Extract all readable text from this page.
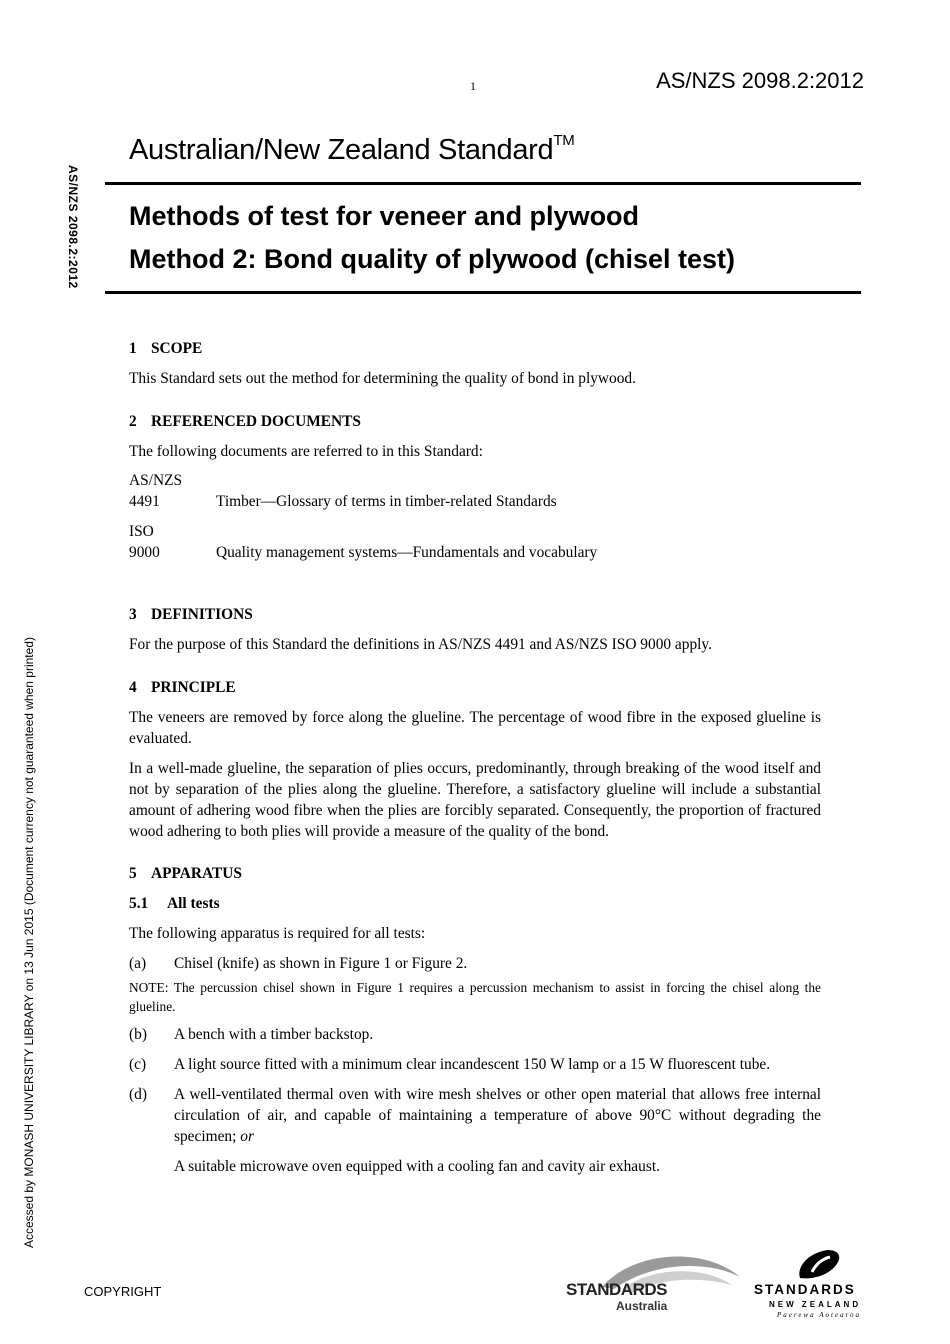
1	AS/NZS 2098.2:2012
Australian/New Zealand Standard™
Methods of test for veneer and plywood
Method 2: Bond quality of plywood (chisel test)
AS/NZS 2098.2:2012
Accessed by MONASH UNIVERSITY LIBRARY on 13 Jun 2015 (Document currency not guaranteed when printed)

1 SCOPE

This Standard sets out the method for determining the quality of bond in plywood.

2 REFERENCED DOCUMENTS

The following documents are referred to in this Standard:

AS/NZS
4491	Timber—Glossary of terms in timber-related Standards
ISO
9000	Quality management systems—Fundamentals and vocabulary

3 DEFINITIONS

For the purpose of this Standard the definitions in AS/NZS 4491 and AS/NZS ISO 9000 apply.

4 PRINCIPLE

The veneers are removed by force along the glueline. The percentage of wood fibre in the exposed glueline is evaluated.

In a well-made glueline, the separation of plies occurs, predominantly, through breaking of the wood itself and not by separation of the plies along the glueline. Therefore, a satisfactory glueline will include a substantial amount of adhering wood fibre when the plies are forcibly separated. Consequently, the proportion of fractured wood adhering to both plies will provide a measure of the quality of the bond.

5 APPARATUS

5.1 All tests

The following apparatus is required for all tests:

(a)	Chisel (knife) as shown in Figure 1 or Figure 2.

NOTE: The percussion chisel shown in Figure 1 requires a percussion mechanism to assist in forcing the chisel along the glueline.

(b)	A bench with a timber backstop.
(c)	A light source fitted with a minimum clear incandescent 150 W lamp or a 15 W fluorescent tube.
(d)	A well-ventilated thermal oven with wire mesh shelves or other open material that allows free internal circulation of air, and capable of maintaining a temperature of above 90°C without degrading the specimen; or

A suitable microwave oven equipped with a cooling fan and cavity air exhaust.

COPYRIGHT	STANDARDS
Australia
STANDARDS
NEW ZEALAND
Paerewa Aotearoa
